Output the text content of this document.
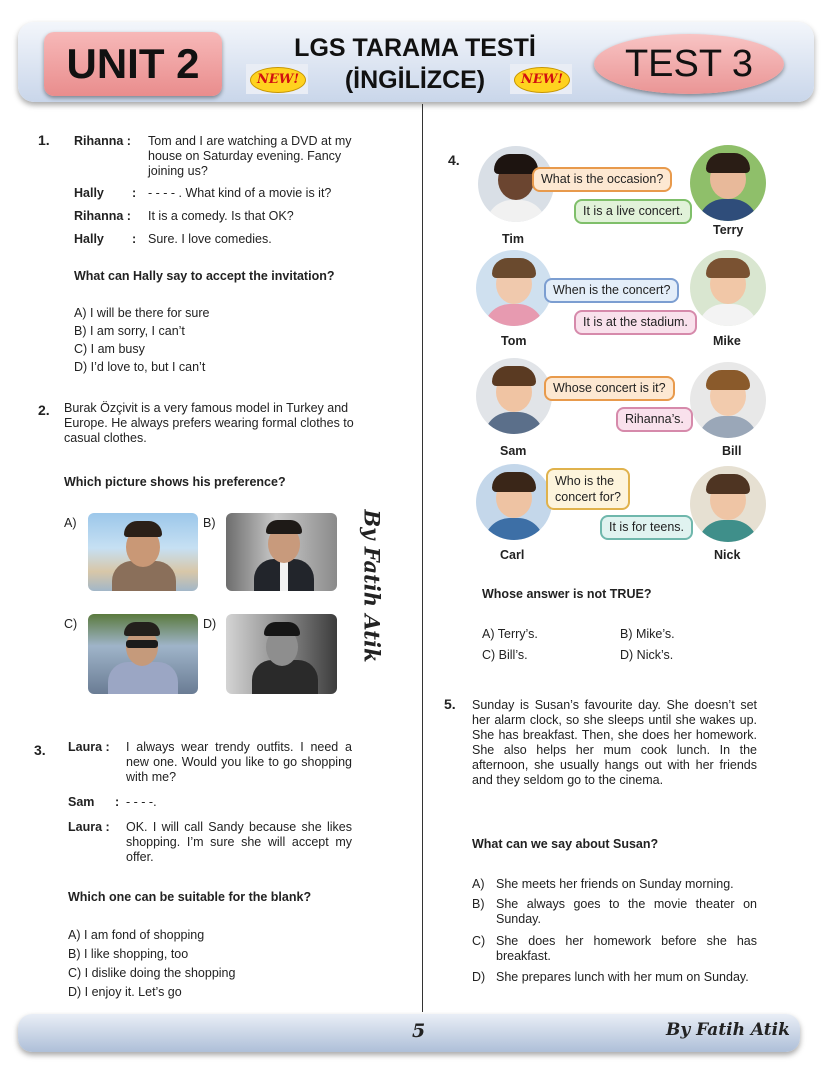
UNIT 2	LGS TARAMA TESTİ
(İNGİLİZCE)
NEW!	NEW!	TEST 3
By Fatih Atik
1. Rihanna : Tom and I are watching a DVD at my house on Saturday evening. Fancy joining us?
Hally : - - - - . What kind of a movie is it?
Rihanna : It is a comedy. Is that OK?
Hally : Sure. I love comedies.
What can Hally say to accept the invitation?
A) I will be there for sure
B) I am sorry, I can’t
C) I am busy
D) I’d love to, but I can’t
2. Burak Özçivit is a very famous model in Turkey and Europe. He always prefers wearing formal clothes to casual clothes.
Which picture shows his preference?
A)	B)
C)	D)
3. Laura : I always wear trendy outfits. I need a new one. Would you like to go shopping with me?
Sam : - - - -.
Laura : OK. I will call Sandy because she likes shopping. I’m sure she will accept my offer.
Which one can be suitable for the blank?
A) I am fond of shopping
B) I like shopping, too
C) I dislike doing the shopping
D) I enjoy it. Let’s go
4.
What is the occasion?
It is a live concert.
Tim
Terry
When is the concert?
It is at the stadium.
Tom	Mike
Whose concert is it?
Rihanna’s.
Sam	Bill
Who is the
concert for?
It is for teens.
Carl	Nick
Whose answer is not TRUE?
A) Terry’s.	B) Mike’s.
C) Bill’s.	D) Nick’s.
5. Sunday is Susan’s favourite day. She doesn’t set her alarm clock, so she sleeps until she wakes up. She has breakfast. Then, she does her homework. She also helps her mum cook lunch. In the afternoon, she usually hangs out with her friends and they seldom go to the cinema.
What can we say about Susan?
A) She meets her friends on Sunday morning.
B) She always goes to the movie theater on Sunday.
C) She does her homework before she has breakfast.
D) She prepares lunch with her mum on Sunday.
5	By Fatih Atik
